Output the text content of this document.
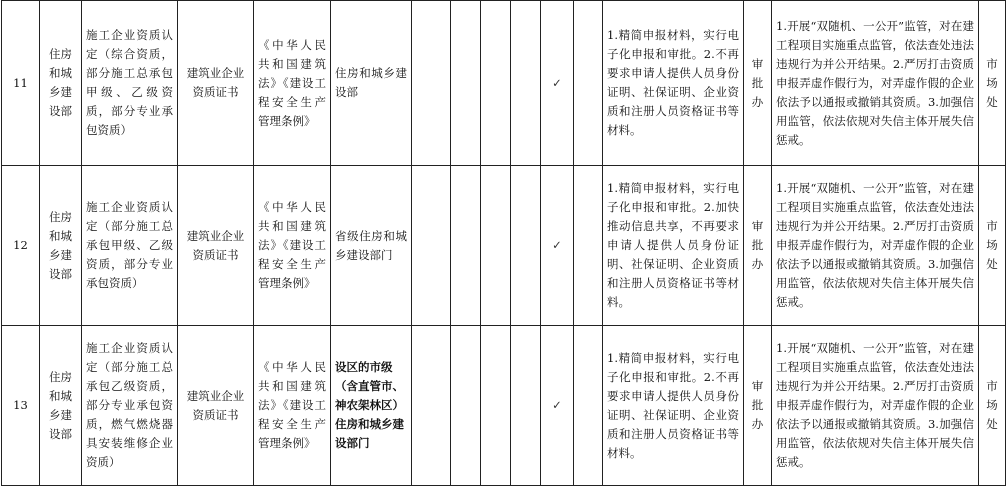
11	住房和城乡建设部	施工企业资质认定（综合资质，部分施工总承包甲级、乙级资质，部分专业承包资质）	建筑业企业资质证书	《中华人民共和国建筑法》《建设工程安全生产管理条例》	住房和城乡建设部					✓		1.精简申报材料，实行电子化申报和审批。2.不再要求申请人提供人员身份证明、社保证明、企业资质和注册人员资格证书等材料。	审批办	1.开展“双随机、一公开”监管，对在建工程项目实施重点监管，依法查处违法违规行为并公开结果。2.严厉打击资质申报弄虚作假行为，对弄虚作假的企业依法予以通报或撤销其资质。3.加强信用监管，依法依规对失信主体开展失信惩戒。	市场处
12	住房和城乡建设部	施工企业资质认定（部分施工总承包甲级、乙级资质，部分专业承包资质）	建筑业企业资质证书	《中华人民共和国建筑法》《建设工程安全生产管理条例》	省级住房和城乡建设部门					✓		1.精简申报材料，实行电子化申报和审批。2.加快推动信息共享，不再要求申请人提供人员身份证明、社保证明、企业资质和注册人员资格证书等材料。	审批办	1.开展“双随机、一公开”监管，对在建工程项目实施重点监管，依法查处违法违规行为并公开结果。2.严厉打击资质申报弄虚作假行为，对弄虚作假的企业依法予以通报或撤销其资质。3.加强信用监管，依法依规对失信主体开展失信惩戒。	市场处
13	住房和城乡建设部	施工企业资质认定（部分施工总承包乙级资质，部分专业承包资质，燃气燃烧器具安装维修企业资质）	建筑业企业资质证书	《中华人民共和国建筑法》《建设工程安全生产管理条例》	设区的市级（含直管市、神农架林区）住房和城乡建设部门					✓		1.精简申报材料，实行电子化申报和审批。2.不再要求申请人提供人员身份证明、社保证明、企业资质和注册人员资格证书等材料。	审批办	1.开展“双随机、一公开”监管，对在建工程项目实施重点监管，依法查处违法违规行为并公开结果。2.严厉打击资质申报弄虚作假行为，对弄虚作假的企业依法予以通报或撤销其资质。3.加强信用监管，依法依规对失信主体开展失信惩戒。	市场处
